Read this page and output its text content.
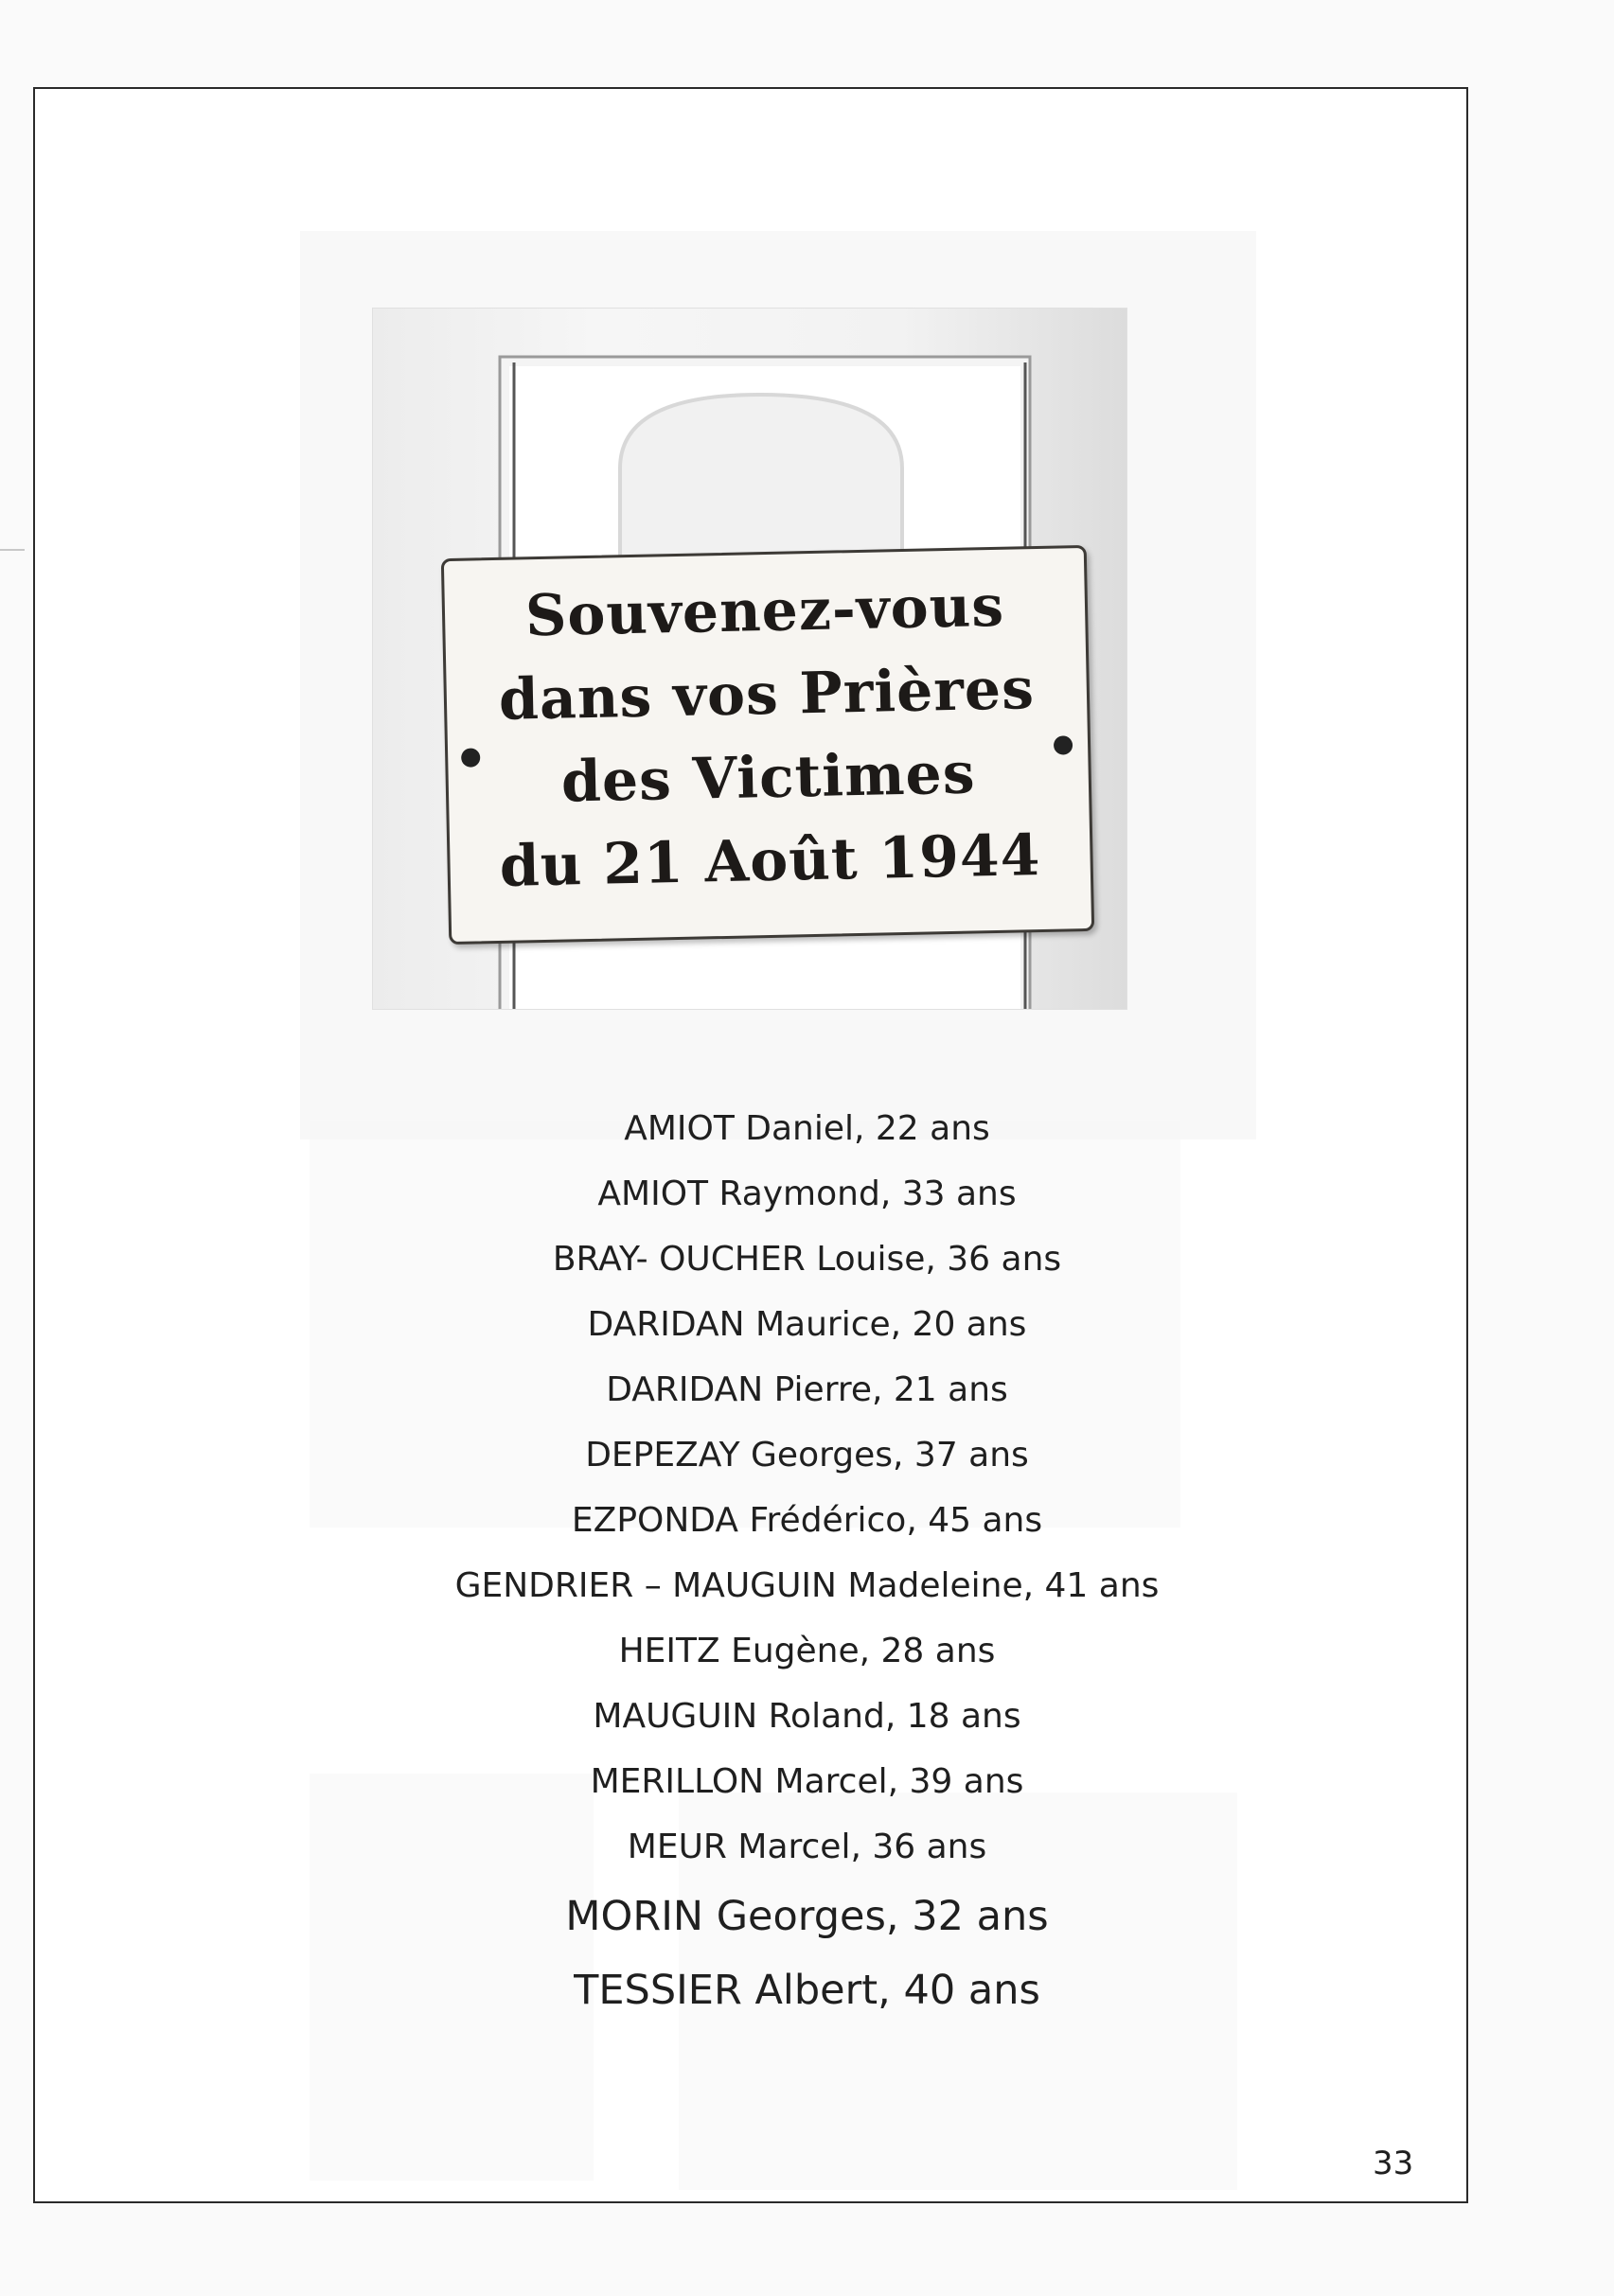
Souvenez-vous
dans vos Prières
des Victimes
du 21 Août 1944
AMIOT Daniel, 22 ans
AMIOT Raymond, 33 ans
BRAY- OUCHER Louise, 36 ans
DARIDAN Maurice, 20 ans
DARIDAN Pierre, 21 ans
DEPEZAY Georges, 37 ans
EZPONDA Frédérico, 45 ans
GENDRIER – MAUGUIN Madeleine, 41 ans
HEITZ Eugène, 28 ans
MAUGUIN Roland, 18 ans
MERILLON Marcel, 39 ans
MEUR Marcel, 36 ans
MORIN Georges, 32 ans
TESSIER Albert, 40 ans
33
